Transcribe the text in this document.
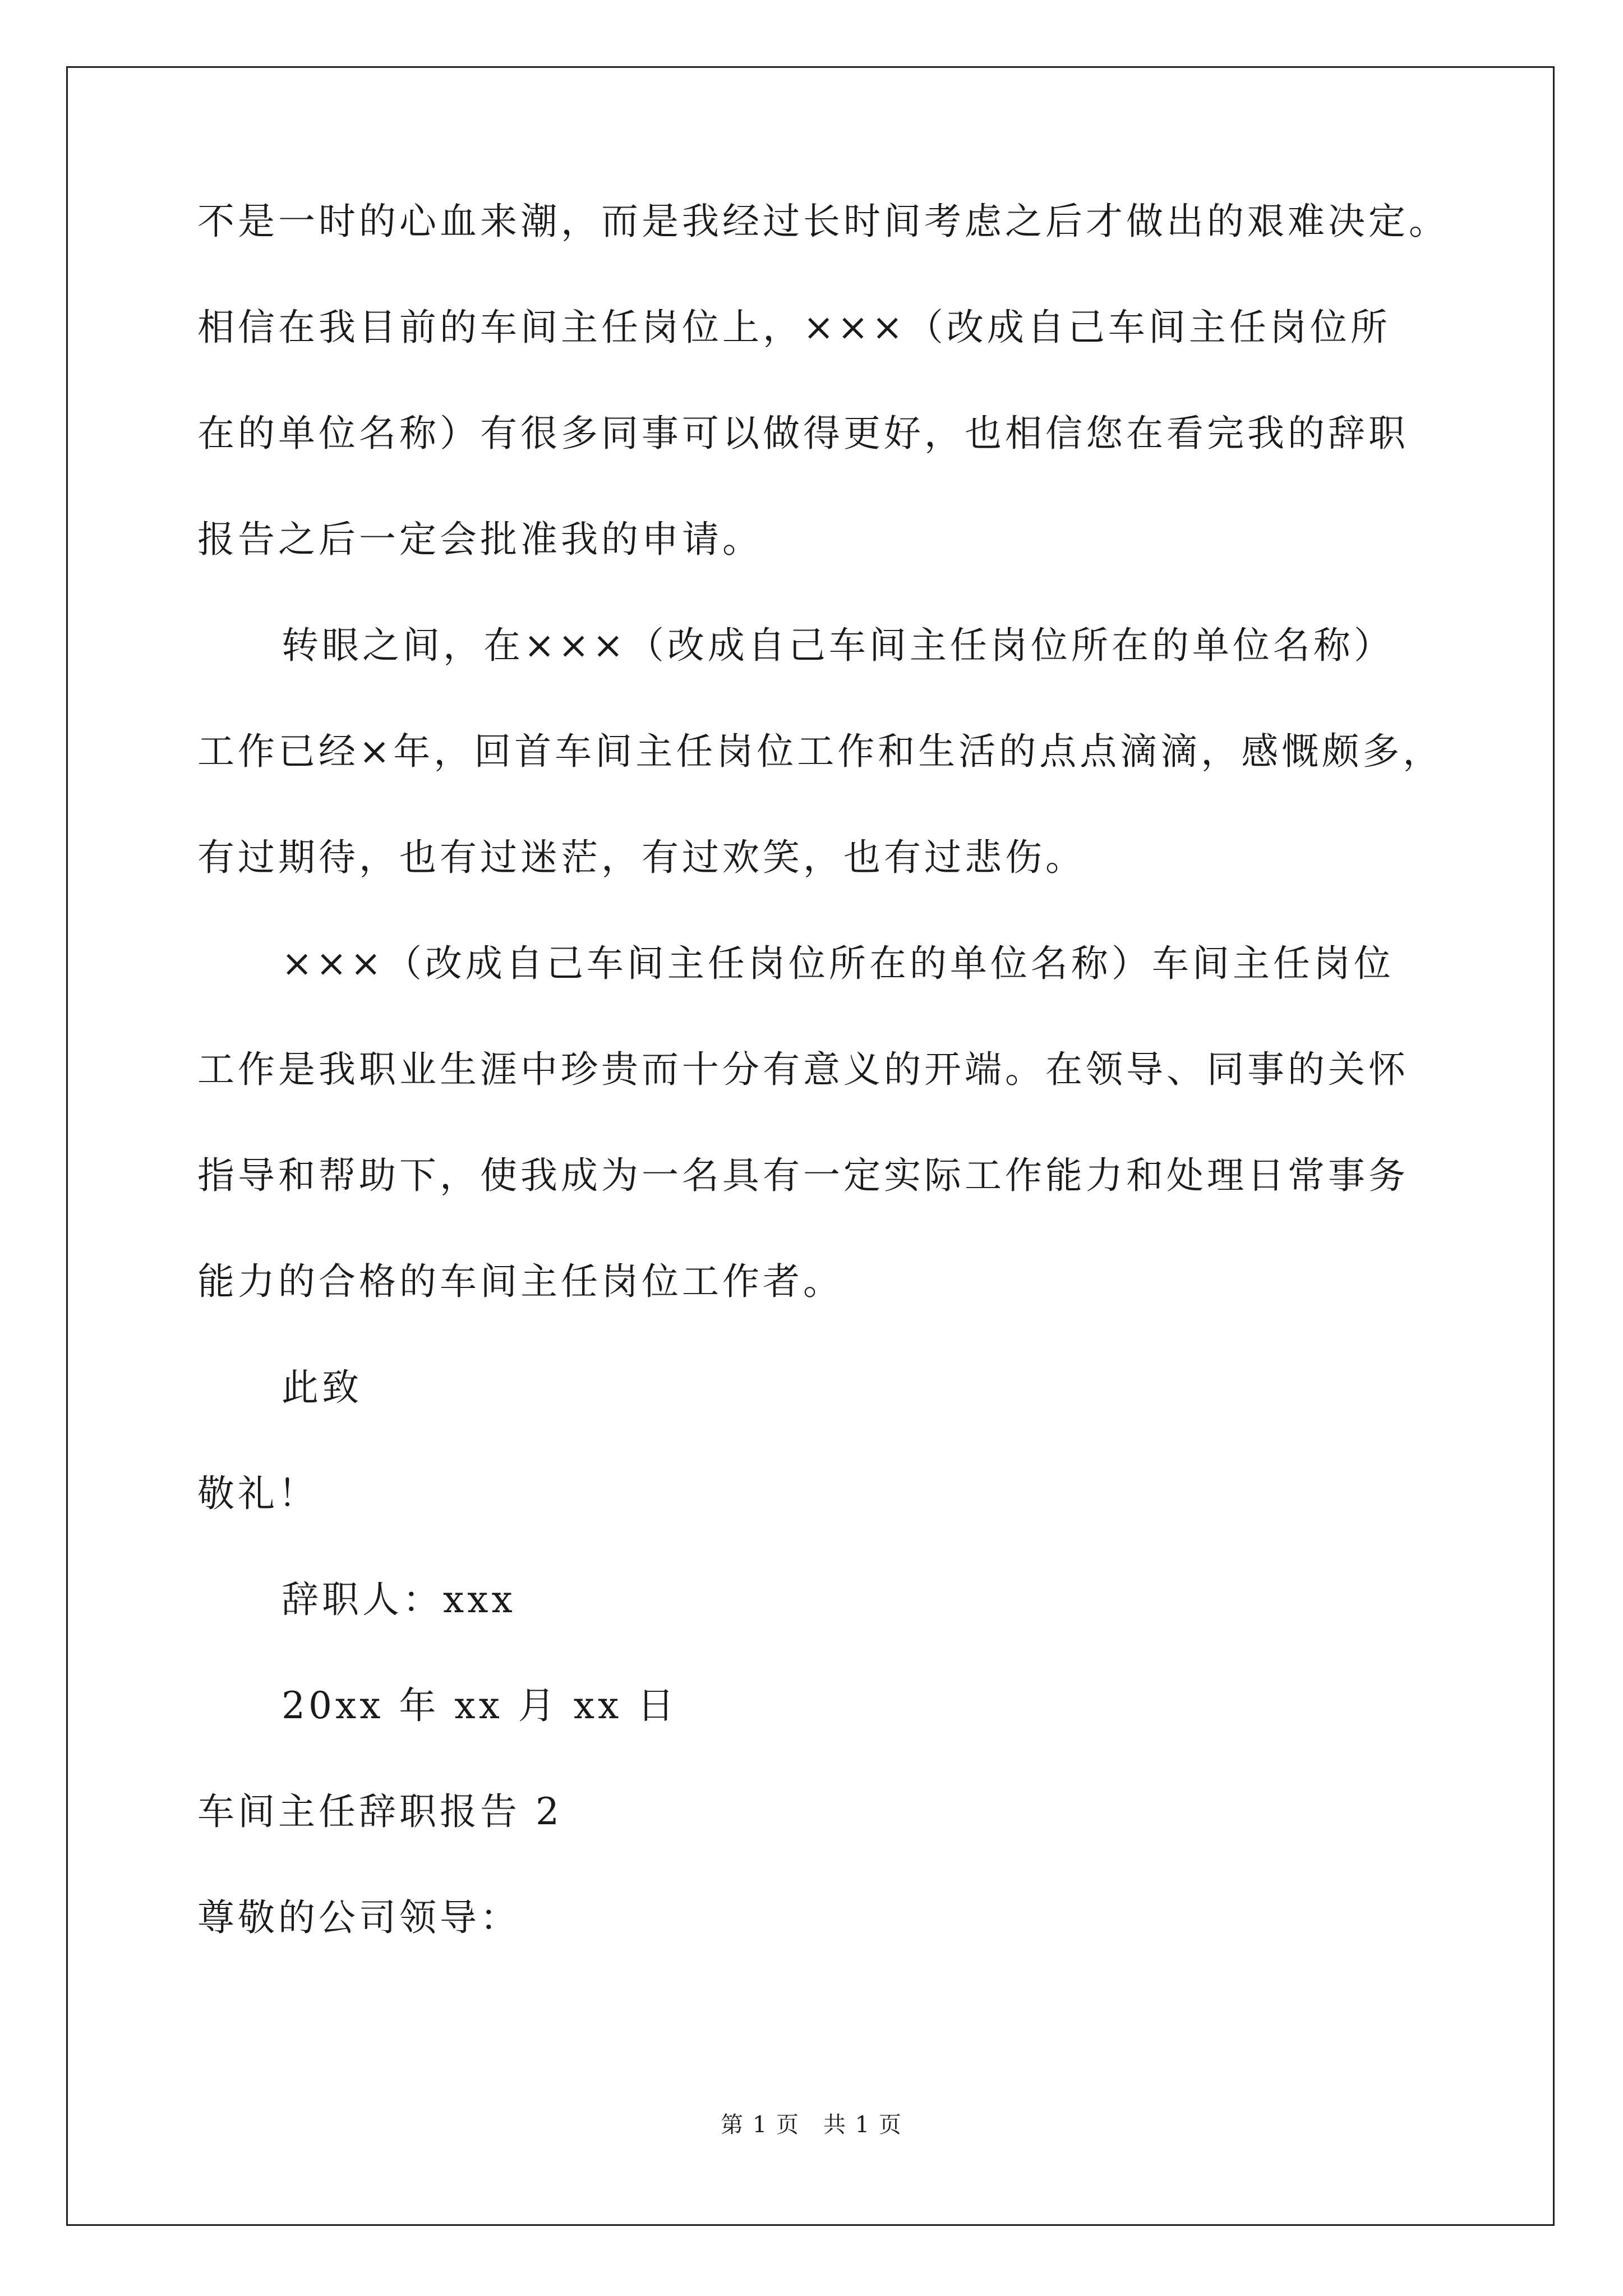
不是一时的心血来潮，而是我经过长时间考虑之后才做出的艰难决定。
相信在我目前的车间主任岗位上，×××（改成自己车间主任岗位所
在的单位名称）有很多同事可以做得更好，也相信您在看完我的辞职
报告之后一定会批准我的申请。
转眼之间，在×××（改成自己车间主任岗位所在的单位名称）
工作已经×年，回首车间主任岗位工作和生活的点点滴滴，感慨颇多，
有过期待，也有过迷茫，有过欢笑，也有过悲伤。
×××（改成自己车间主任岗位所在的单位名称）车间主任岗位
工作是我职业生涯中珍贵而十分有意义的开端。在领导、同事的关怀
指导和帮助下，使我成为一名具有一定实际工作能力和处理日常事务
能力的合格的车间主任岗位工作者。
此致
敬礼！
辞职人：xxx
20xx 年 xx 月 xx 日
车间主任辞职报告 2
尊敬的公司领导：
第 1 页　共 1 页
